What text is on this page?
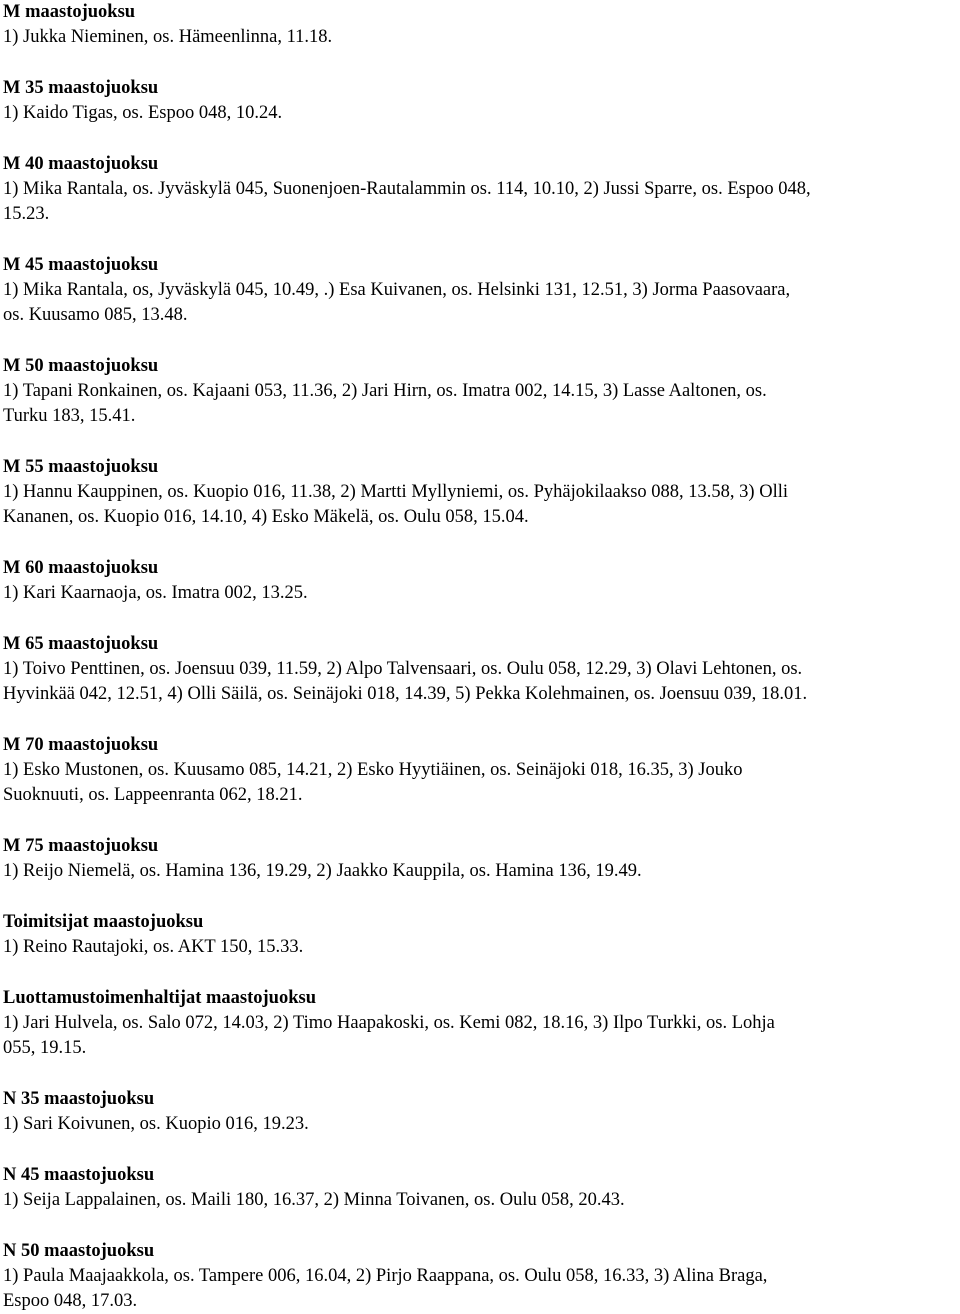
M maastojuoksu

1) Jukka Nieminen, os. Hämeenlinna, 11.18.

M 35 maastojuoksu

1) Kaido Tigas, os. Espoo 048, 10.24.

M 40 maastojuoksu

1) Mika Rantala, os. Jyväskylä 045, Suonenjoen-Rautalammin os. 114, 10.10, 2) Jussi Sparre, os. Espoo 048,

15.23.

M 45 maastojuoksu

1) Mika Rantala, os, Jyväskylä 045, 10.49, .) Esa Kuivanen, os. Helsinki 131, 12.51, 3) Jorma Paasovaara,

os. Kuusamo 085, 13.48.

M 50 maastojuoksu

1) Tapani Ronkainen, os. Kajaani 053, 11.36, 2) Jari Hirn, os. Imatra 002, 14.15, 3) Lasse Aaltonen, os.

Turku 183, 15.41.

M 55 maastojuoksu

1) Hannu Kauppinen, os. Kuopio 016, 11.38, 2) Martti Myllyniemi, os. Pyhäjokilaakso 088, 13.58, 3) Olli

Kananen, os. Kuopio 016, 14.10, 4) Esko Mäkelä, os. Oulu 058, 15.04.

M 60 maastojuoksu

1) Kari Kaarnaoja, os. Imatra 002, 13.25.

M 65 maastojuoksu

1) Toivo Penttinen, os. Joensuu 039, 11.59, 2) Alpo Talvensaari, os. Oulu 058, 12.29, 3) Olavi Lehtonen, os.

Hyvinkää 042, 12.51, 4) Olli Säilä, os. Seinäjoki 018, 14.39, 5) Pekka Kolehmainen, os. Joensuu 039, 18.01.

M 70 maastojuoksu

1) Esko Mustonen, os. Kuusamo 085, 14.21, 2) Esko Hyytiäinen, os. Seinäjoki 018, 16.35, 3) Jouko

Suoknuuti, os. Lappeenranta 062, 18.21.

M 75 maastojuoksu

1) Reijo Niemelä, os. Hamina 136, 19.29, 2) Jaakko Kauppila, os. Hamina 136, 19.49.

Toimitsijat maastojuoksu

1) Reino Rautajoki, os. AKT 150, 15.33.

Luottamustoimenhaltijat maastojuoksu

1) Jari Hulvela, os. Salo 072, 14.03, 2) Timo Haapakoski, os. Kemi 082, 18.16, 3) Ilpo Turkki, os. Lohja

055, 19.15.

N 35 maastojuoksu

1) Sari Koivunen, os. Kuopio 016, 19.23.

N 45 maastojuoksu

1) Seija Lappalainen, os. Maili 180, 16.37, 2) Minna Toivanen, os. Oulu 058, 20.43.

N 50 maastojuoksu

1) Paula Maajaakkola, os. Tampere 006, 16.04, 2) Pirjo Raappana, os. Oulu 058, 16.33, 3) Alina Braga,

Espoo 048, 17.03.
